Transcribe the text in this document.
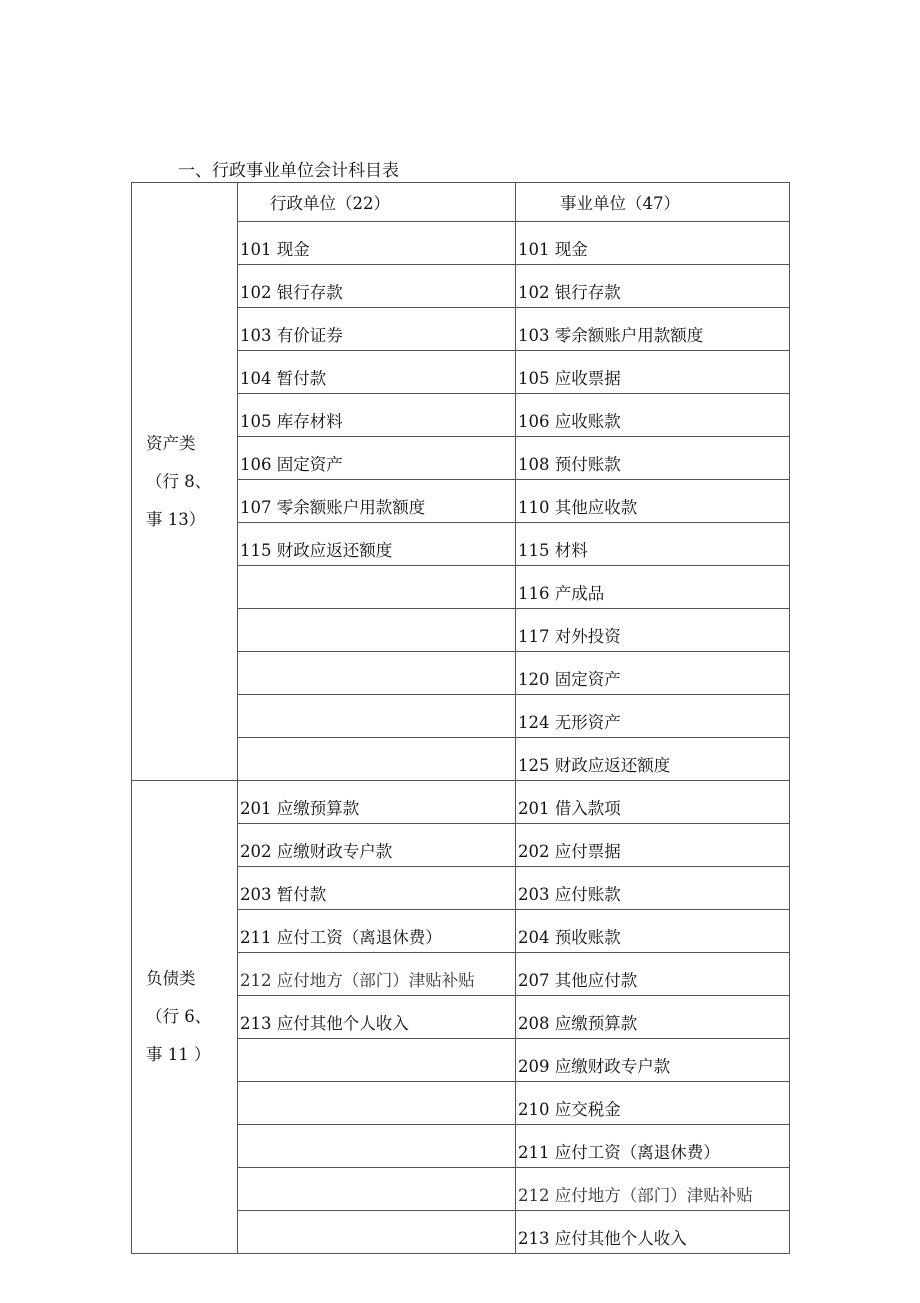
一、行政事业单位会计科目表
资产类
（行 8、
事 13）	行政单位（22）	事业单位（47）
	101 现金	101 现金
	102 银行存款	102 银行存款
	103 有价证券	103 零余额账户用款额度
	104 暂付款	105 应收票据
	105 库存材料	106 应收账款
	106 固定资产	108 预付账款
	107 零余额账户用款额度	110 其他应收款
	115 财政应返还额度	115 材料
		116 产成品
		117 对外投资
		120 固定资产
		124 无形资产
		125 财政应返还额度

负债类
（行 6、
事 11 ）	201 应缴预算款	201 借入款项
	202 应缴财政专户款	202 应付票据
	203 暂付款	203 应付账款
	211 应付工资（离退休费）	204 预收账款
	212 应付地方（部门）津贴补贴	207 其他应付款
	213 应付其他个人收入	208 应缴预算款
		209 应缴财政专户款
		210 应交税金
		211 应付工资（离退休费）
		212 应付地方（部门）津贴补贴
		213 应付其他个人收入
